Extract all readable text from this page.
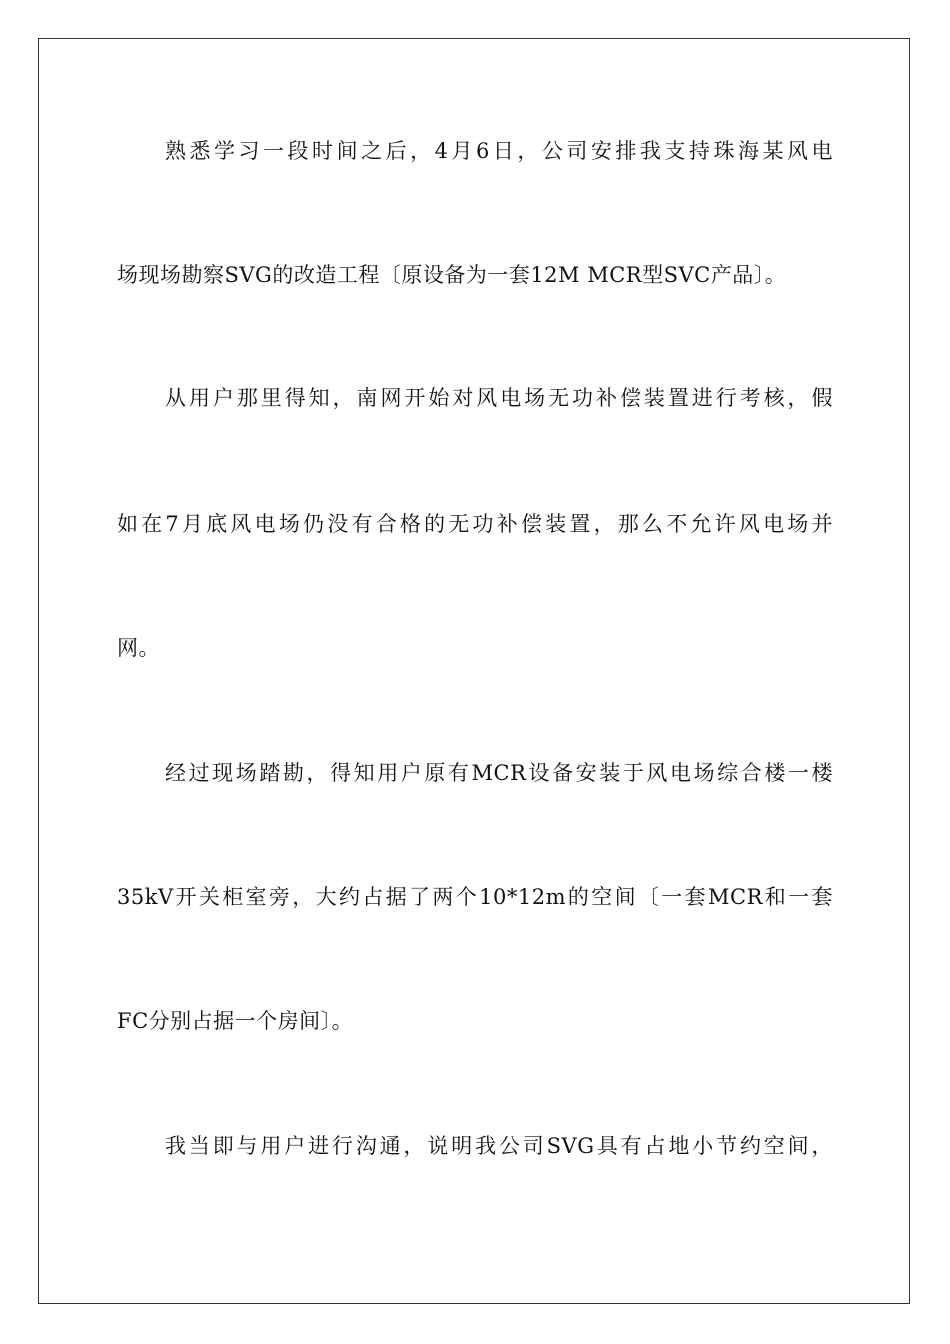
熟悉学习一段时间之后，4月6日，公司安排我支持珠海某风电
场现场勘察SVG的改造工程〔原设备为一套12M MCR型SVC产品〕。
从用户那里得知，南网开始对风电场无功补偿装置进行考核，假
如在7月底风电场仍没有合格的无功补偿装置，那么不允许风电场并
网。
经过现场踏勘，得知用户原有MCR设备安装于风电场综合楼一楼
35kV开关柜室旁，大约占据了两个10*12m的空间〔一套MCR和一套
FC分别占据一个房间〕。
我当即与用户进行沟通，说明我公司SVG具有占地小节约空间，
